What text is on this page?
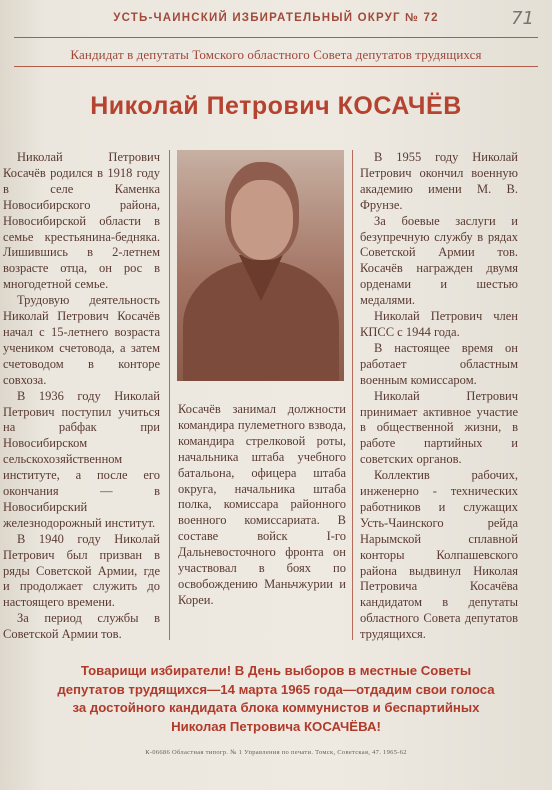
УСТЬ-ЧАИНСКИЙ ИЗБИРАТЕЛЬНЫЙ ОКРУГ № 72	71
Кандидат в депутаты Томского областного Совета депутатов трудящихся
Николай Петрович КОСАЧЁВ

Николай Петрович Косачёв родился в 1918 году в селе Каменка Новосибирского района, Новосибирской области в семье крестьянина-бедняка. Лишившись в 2-летнем возрасте отца, он рос в многодетной семье.

Трудовую деятельность Николай Петрович Косачёв начал с 15-летнего возраста учеником счетовода, а затем счетоводом в конторе совхоза.

В 1936 году Николай Петрович поступил учиться на рабфак при Новосибирском сельскохозяйственном институте, а после его окончания — в Новосибирский железнодорожный институт.

В 1940 году Николай Петрович был призван в ряды Советской Армии, где и продолжает служить до настоящего времени.

За период службы в Советской Армии тов.

Косачёв занимал должности командира пулеметного взвода, командира стрелковой роты, начальника штаба учебного батальона, офицера штаба округа, начальника штаба полка, комиссара районного военного комиссариата. В составе войск I-го Дальневосточного фронта он участвовал в боях по освобождению Маньчжурии и Кореи.

В 1955 году Николай Петрович окончил военную академию имени М. В. Фрунзе.

За боевые заслуги и безупречную службу в рядах Советской Армии тов. Косачёв награжден двумя орденами и шестью медалями.

Николай Петрович член КПСС с 1944 года.

В настоящее время он работает областным военным комиссаром.

Николай Петрович принимает активное участие в общественной жизни, в работе партийных и советских органов.

Коллектив рабочих, инженерно - технических работников и служащих Усть-Чаинского рейда Нарымской сплавной конторы Колпашевского района выдвинул Николая Петровича Косачёва кандидатом в депутаты областного Совета депутатов трудящихся.

Товарищи избиратели! В День выборов в местные Советы
депутатов трудящихся—14 марта 1965 года—отдадим свои голоса
за достойного кандидата блока коммунистов и беспартийных
Николая Петровича КОСАЧЁВА!
К-06686 Областная типогр. № 1 Управления по печати. Томск, Советская, 47. 1965-62
